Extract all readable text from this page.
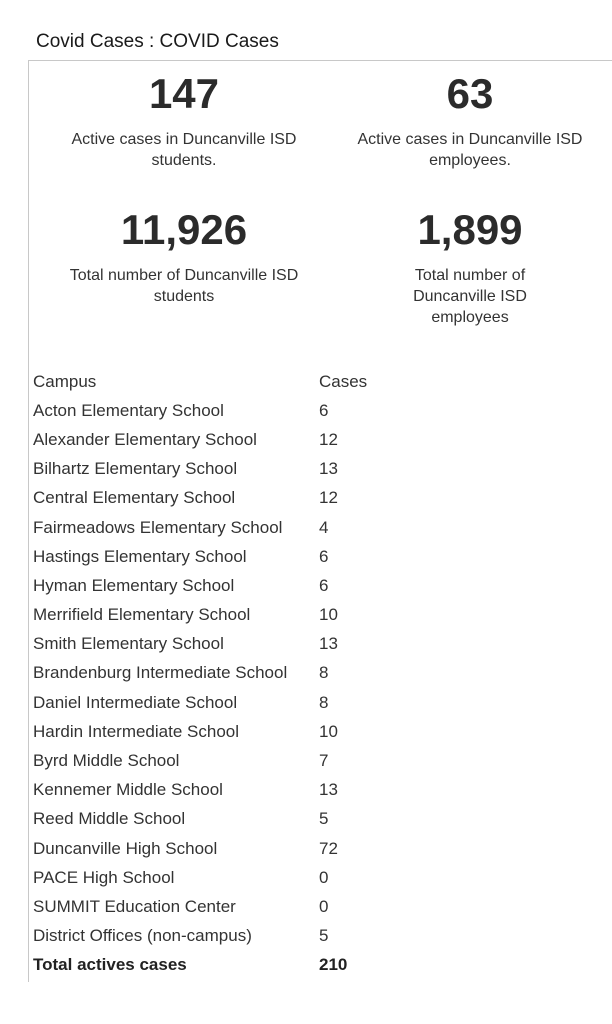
Covid Cases : COVID Cases
147
Active cases in Duncanville ISD students.
63
Active cases in Duncanville ISD employees.
11,926
Total number of Duncanville ISD students
1,899
Total number of Duncanville ISD employees
Campus	Cases
Acton Elementary School	6
Alexander Elementary School	12
Bilhartz Elementary School	13
Central Elementary School	12
Fairmeadows Elementary School	4
Hastings Elementary School	6
Hyman Elementary School	6
Merrifield Elementary School	10
Smith Elementary School	13
Brandenburg Intermediate School	8
Daniel Intermediate School	8
Hardin Intermediate School	10
Byrd Middle School	7
Kennemer Middle School	13
Reed Middle School	5
Duncanville High School	72
PACE High School	0
SUMMIT Education Center	0
District Offices (non-campus)	5
Total actives cases	210
